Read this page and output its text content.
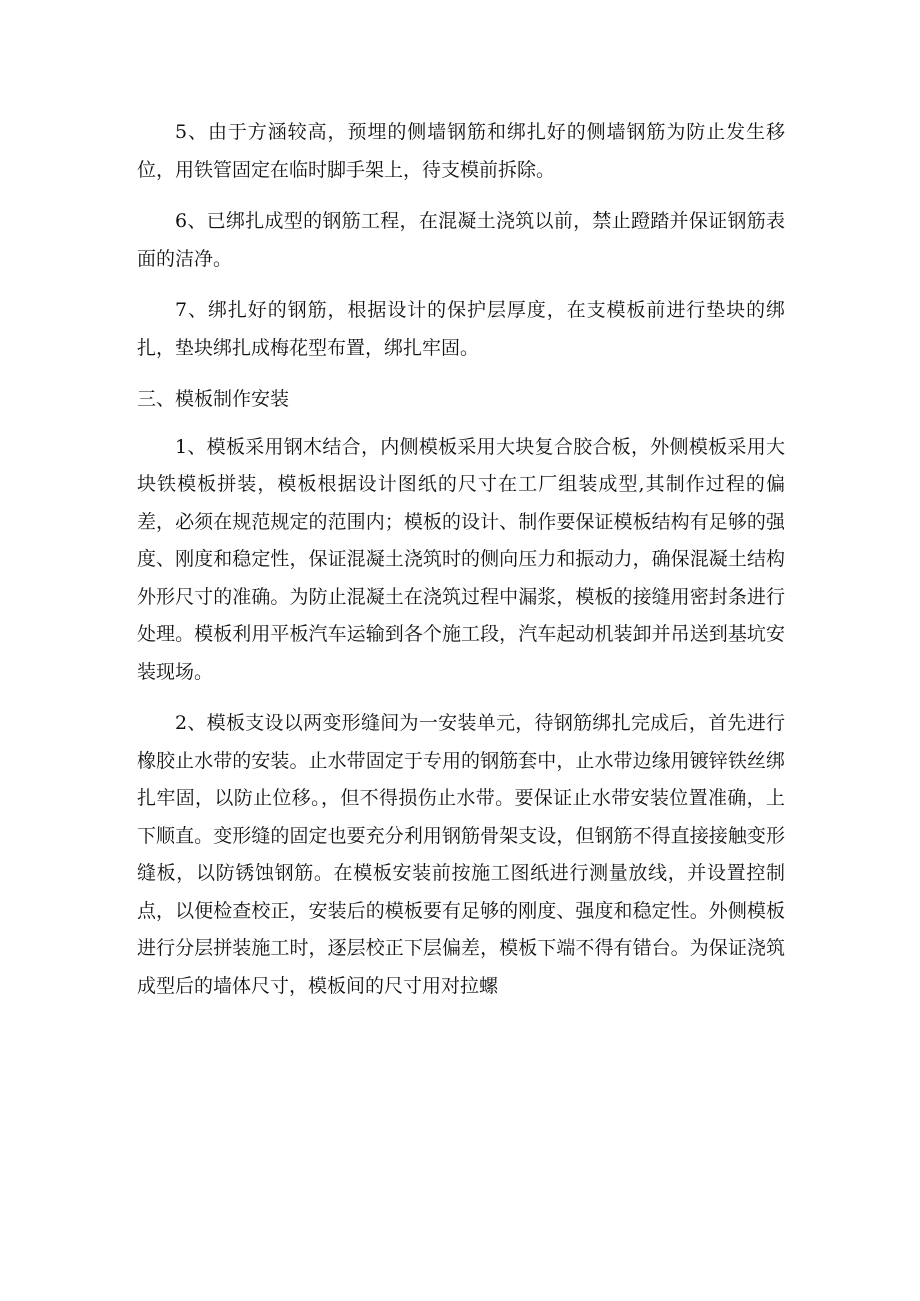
5、由于方涵较高，预埋的侧墙钢筋和绑扎好的侧墙钢筋为防止发生移位，用铁管固定在临时脚手架上，待支模前拆除。

6、已绑扎成型的钢筋工程，在混凝土浇筑以前，禁止蹬踏并保证钢筋表面的洁净。

7、绑扎好的钢筋，根据设计的保护层厚度，在支模板前进行垫块的绑扎，垫块绑扎成梅花型布置，绑扎牢固。

三、模板制作安装

1、模板采用钢木结合，内侧模板采用大块复合胶合板，外侧模板采用大块铁模板拼装，模板根据设计图纸的尺寸在工厂组装成型,其制作过程的偏差，必须在规范规定的范围内；模板的设计、制作要保证模板结构有足够的强度、刚度和稳定性，保证混凝土浇筑时的侧向压力和振动力，确保混凝土结构外形尺寸的准确。为防止混凝土在浇筑过程中漏浆，模板的接缝用密封条进行处理。模板利用平板汽车运输到各个施工段，汽车起动机装卸并吊送到基坑安装现场。

2、模板支设以两变形缝间为一安装单元，待钢筋绑扎完成后，首先进行橡胶止水带的安装。止水带固定于专用的钢筋套中，止水带边缘用镀锌铁丝绑扎牢固，以防止位移。，但不得损伤止水带。要保证止水带安装位置准确，上下顺直。变形缝的固定也要充分利用钢筋骨架支设，但钢筋不得直接接触变形缝板，以防锈蚀钢筋。在模板安装前按施工图纸进行测量放线，并设置控制点，以便检查校正，安装后的模板要有足够的刚度、强度和稳定性。外侧模板进行分层拼装施工时，逐层校正下层偏差，模板下端不得有错台。为保证浇筑成型后的墙体尺寸，模板间的尺寸用对拉螺
